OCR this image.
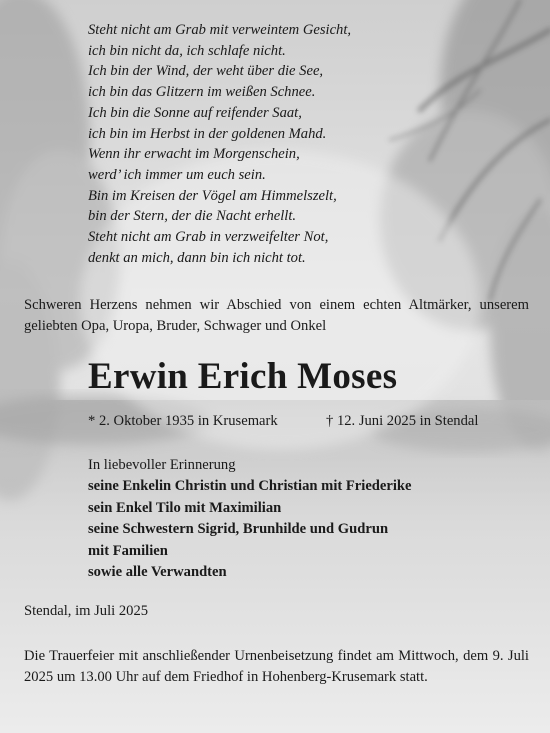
Steht nicht am Grab mit verweintem Gesicht,
ich bin nicht da, ich schlafe nicht.
Ich bin der Wind, der weht über die See,
ich bin das Glitzern im weißen Schnee.
Ich bin die Sonne auf reifender Saat,
ich bin im Herbst in der goldenen Mahd.
Wenn ihr erwacht im Morgenschein,
werd’ ich immer um euch sein.
Bin im Kreisen der Vögel am Himmelszelt,
bin der Stern, der die Nacht erhellt.
Steht nicht am Grab in verzweifelter Not,
denkt an mich, dann bin ich nicht tot.
Schweren Herzens nehmen wir Abschied von einem echten Altmärker, unserem geliebten Opa, Uropa, Bruder, Schwager und Onkel
Erwin Erich Moses
* 2. Oktober 1935 in Krusemark	† 12. Juni 2025 in Stendal
In liebevoller Erinnerung
seine Enkelin Christin und Christian mit Friederike
sein Enkel Tilo mit Maximilian
seine Schwestern Sigrid, Brunhilde und Gudrun
mit Familien
sowie alle Verwandten
Stendal, im Juli 2025
Die Trauerfeier mit anschließender Urnenbeisetzung findet am Mittwoch, dem 9. Juli 2025 um 13.00 Uhr auf dem Friedhof in Hohenberg-Krusemark statt.
